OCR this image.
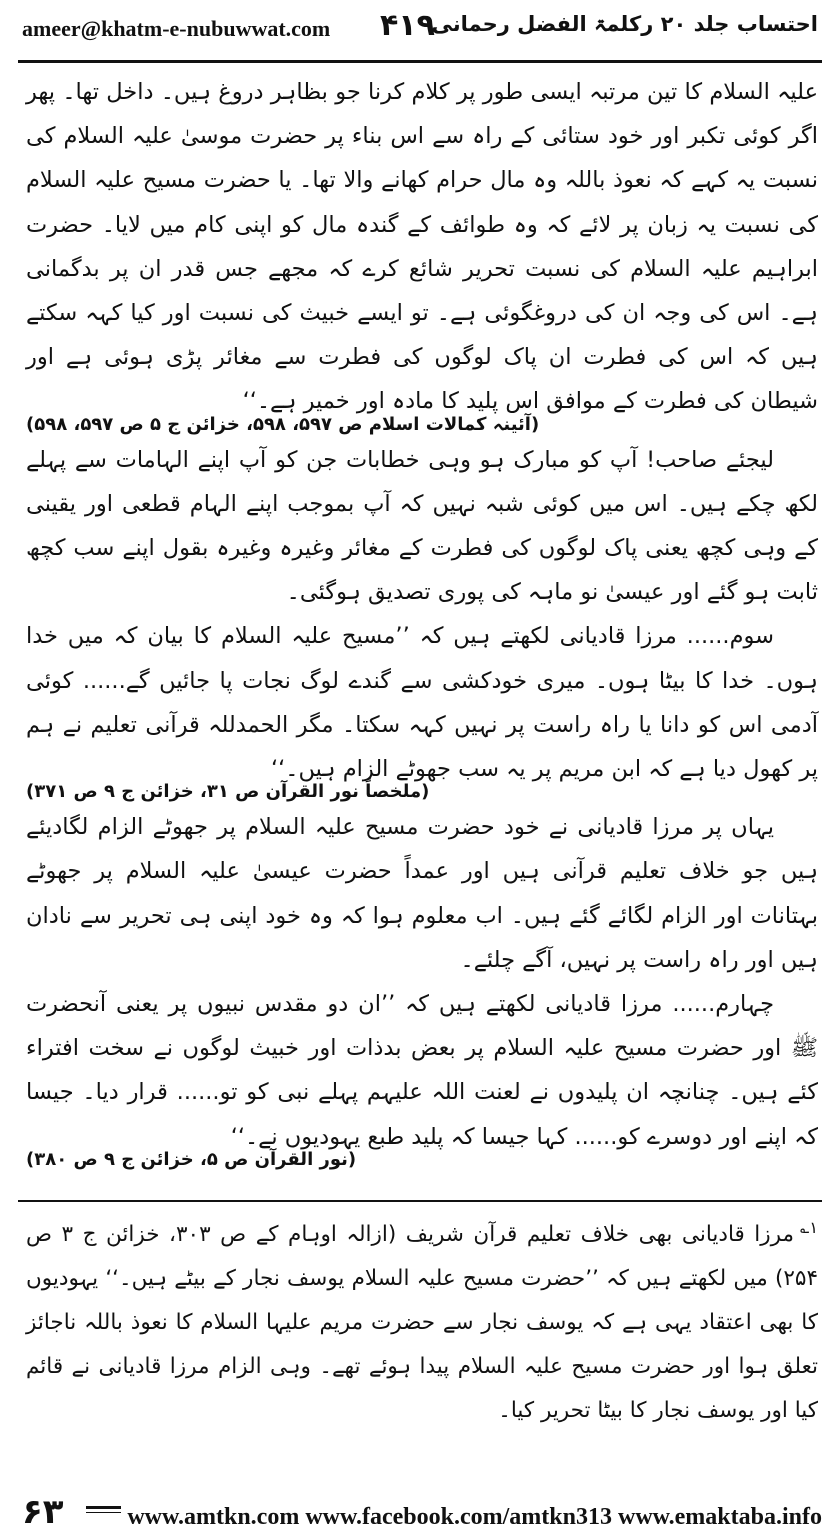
ameer@khatm-e-nubuwwat.com ۴۱۹
احتساب جلد ۲۰ رکلمۃ الفضل رحمانی

علیہ السلام کا تین مرتبہ ایسی طور پر کلام کرنا جو بظاہر دروغ ہیں۔ داخل تھا۔ پھر اگر کوئی تکبر اور خود ستائی کے راہ سے اس بناء پر حضرت موسیٰ علیہ السلام کی نسبت یہ کہے کہ نعوذ باللہ وہ مال حرام کھانے والا تھا۔ یا حضرت مسیح علیہ السلام کی نسبت یہ زبان پر لائے کہ وہ طوائف کے گندہ مال کو اپنی کام میں لایا۔ حضرت ابراہیم علیہ السلام کی نسبت تحریر شائع کرے کہ مجھے جس قدر ان پر بدگمانی ہے۔ اس کی وجہ ان کی دروغگوئی ہے۔ تو ایسے خبیث کی نسبت اور کیا کہہ سکتے ہیں کہ اس کی فطرت ان پاک لوگوں کی فطرت سے مغائر پڑی ہوئی ہے اور شیطان کی فطرت کے موافق اس پلید کا مادہ اور خمیر ہے۔‘‘

(آئینہ کمالات اسلام ص ۵۹۷، ۵۹۸، خزائن ج ۵ ص ۵۹۷، ۵۹۸)

لیجئے صاحب! آپ کو مبارک ہو وہی خطابات جن کو آپ اپنے الہامات سے پہلے لکھ چکے ہیں۔ اس میں کوئی شبہ نہیں کہ آپ بموجب اپنے الہام قطعی اور یقینی کے وہی کچھ یعنی پاک لوگوں کی فطرت کے مغائر وغیرہ وغیرہ بقول اپنے سب کچھ ثابت ہو گئے اور عیسیٰ نو ماہہ کی پوری تصدیق ہوگئی۔

سوم...... مرزا قادیانی لکھتے ہیں کہ ’’مسیح علیہ السلام کا بیان کہ میں خدا ہوں۔ خدا کا بیٹا ہوں۔ میری خودکشی سے گندے لوگ نجات پا جائیں گے...... کوئی آدمی اس کو دانا یا راہ راست پر نہیں کہہ سکتا۔ مگر الحمدللہ قرآنی تعلیم نے ہم پر کھول دیا ہے کہ ابن مریم پر یہ سب جھوٹے الزام ہیں۔‘‘

(ملخصاً نور القرآن ص ۳۱، خزائن ج ۹ ص ۳۷۱)

یہاں پر مرزا قادیانی نے خود حضرت مسیح علیہ السلام پر جھوٹے الزام لگادیئے ہیں جو خلاف تعلیم قرآنی ہیں اور عمداً حضرت عیسیٰ علیہ السلام پر جھوٹے بہتانات اور الزام لگائے گئے ہیں۔ اب معلوم ہوا کہ وہ خود اپنی ہی تحریر سے نادان ہیں اور راہ راست پر نہیں، آگے چلئے۔

چہارم...... مرزا قادیانی لکھتے ہیں کہ ’’ان دو مقدس نبیوں پر یعنی آنحضرت ﷺ اور حضرت مسیح علیہ السلام پر بعض بدذات اور خبیث لوگوں نے سخت افتراء کئے ہیں۔ چنانچہ ان پلیدوں نے لعنت اللہ علیہم پہلے نبی کو تو...... قرار دیا۔ جیسا کہ اپنے اور دوسرے کو...... کہا جیسا کہ پلید طبع یہودیوں نے۔‘‘

(نور القرآن ص ۵، خزائن ج ۹ ص ۳۸۰)
$^{۱؎}$مرزا قادیانی بھی خلاف تعلیم قرآن شریف (ازالہ اوہام کے ص ۳۰۳، خزائن ج ۳ ص ۲۵۴) میں لکھتے ہیں کہ ’’حضرت مسیح علیہ السلام یوسف نجار کے بیٹے ہیں۔‘‘ یہودیوں کا بھی اعتقاد یہی ہے کہ یوسف نجار سے حضرت مریم علیہا السلام کا نعوذ باللہ ناجائز تعلق ہوا اور حضرت مسیح علیہ السلام پیدا ہوئے تھے۔ وہی الزام مرزا قادیانی نے قائم کیا اور یوسف نجار کا بیٹا تحریر کیا۔
۶۳	www.amtkn.com www.facebook.com/amtkn313 www.emaktaba.info
